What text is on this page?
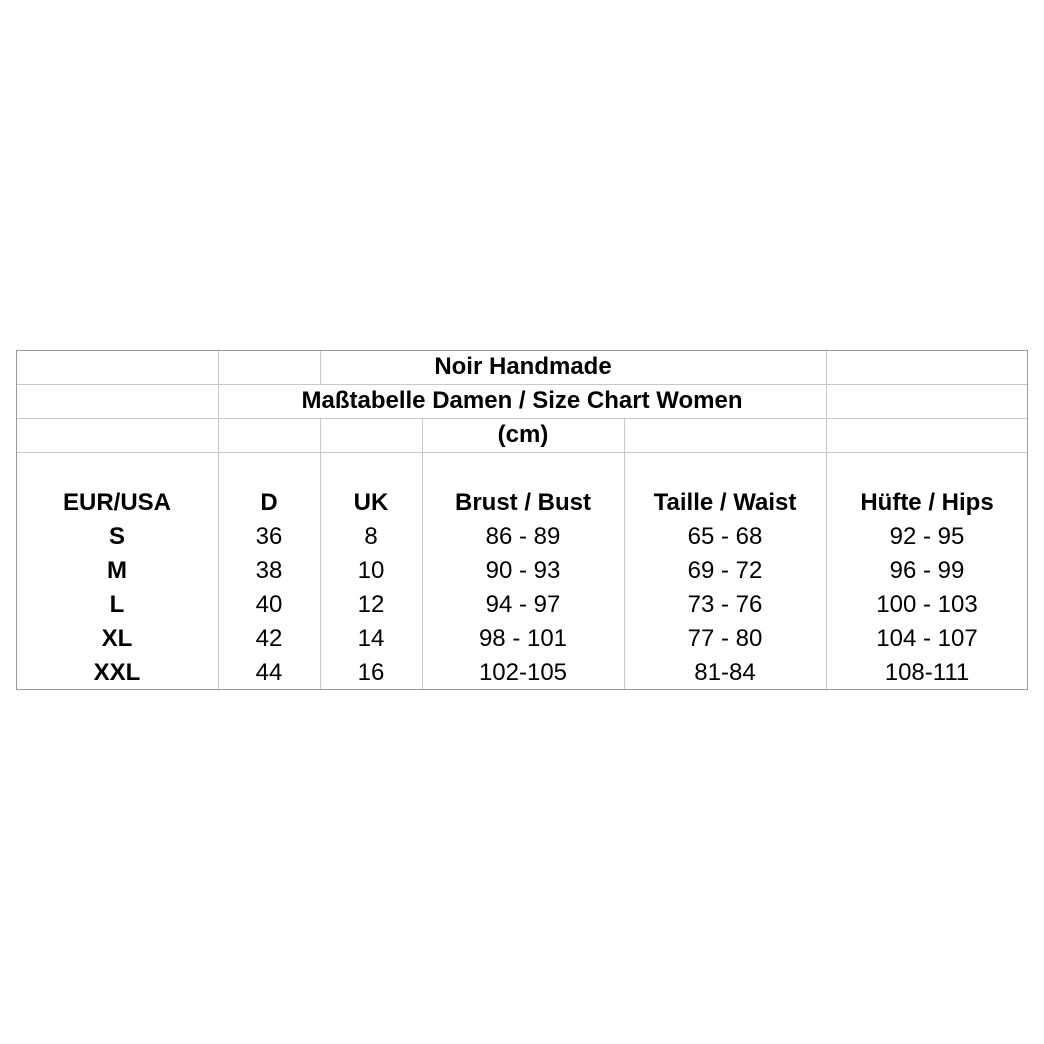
Noir Handmade
Maßtabelle Damen / Size Chart Women
(cm)
EUR/USA	D	UK	Brust / Bust	Taille / Waist	Hüfte / Hips
S	36	8	86 - 89	65 - 68	92 - 95
M	38	10	90 - 93	69 - 72	96 - 99
L	40	12	94 - 97	73 - 76	100 - 103
XL	42	14	98 - 101	77 - 80	104 - 107
XXL	44	16	102-105	81-84	108-111
